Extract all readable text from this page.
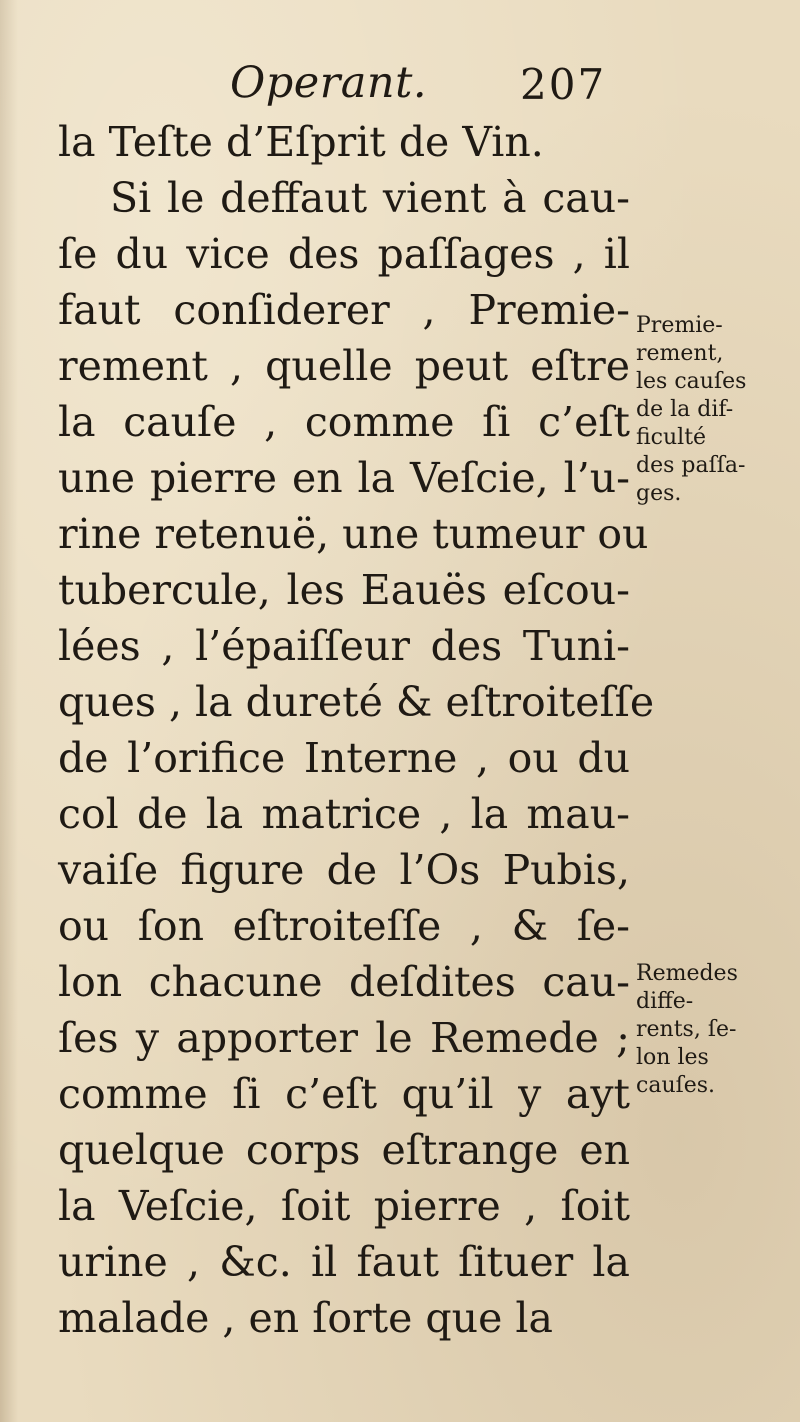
Operant. 207
la Teſte d’Eſprit de Vin.
Si le deffaut vient à cau-
ſe du vice des paſſages , il
faut conſiderer , Premie-
rement , quelle peut eſtre
la cauſe , comme ſi c’eſt
une pierre en la Veſcie, l’u-
rine retenuë, une tumeur ou
tubercule, les Eauës eſcou-
lées , l’épaiſſeur des Tuni-
ques , la dureté & eſtroiteſſe
de l’orifice Interne , ou du
col de la matrice , la mau-
vaiſe figure de l’Os Pubis,
ou ſon eſtroiteſſe , & ſe-
lon chacune deſdites cau-
ſes y apporter le Remede ;
comme ſi c’eſt qu’il y ayt
quelque corps eſtrange en
la Veſcie, ſoit pierre , ſoit
urine , &c. il faut ſituer la
malade , en ſorte que la
Premie-
rement,
les cauſes
de la dif-
ficulté
des paſſa-
ges.
Remedes
diffe-
rents, ſe-
lon les
cauſes.
